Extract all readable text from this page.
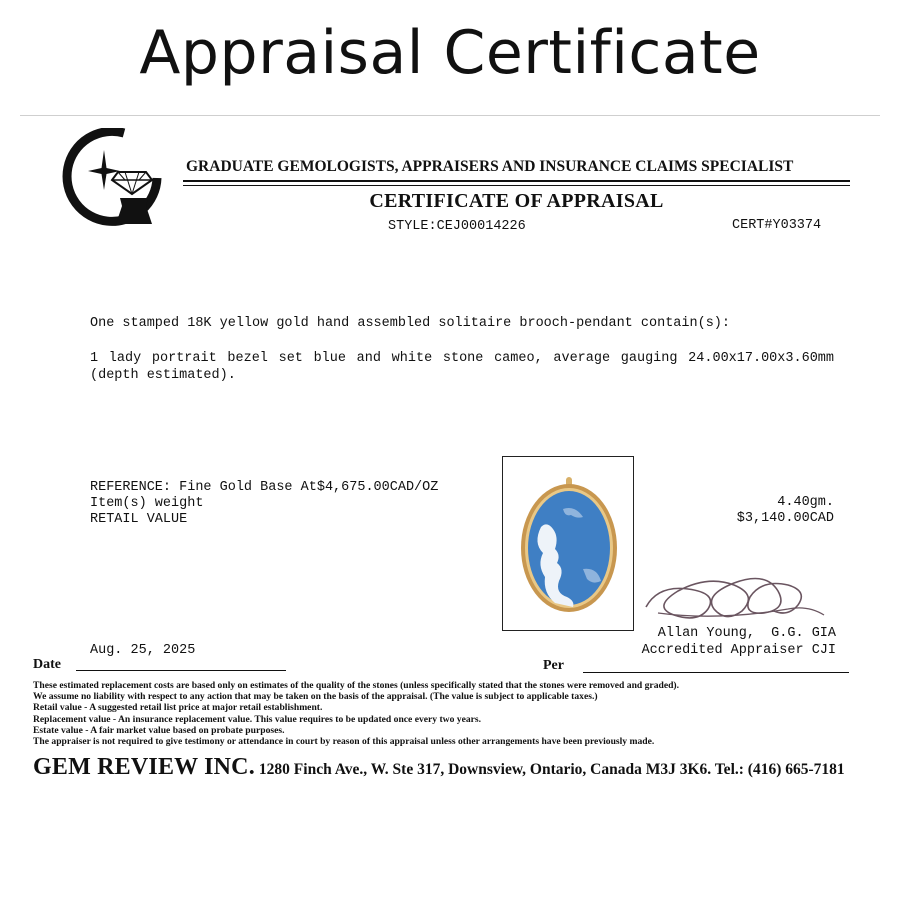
Appraisal Certificate
GRADUATE GEMOLOGISTS, APPRAISERS AND INSURANCE CLAIMS SPECIALIST
CERTIFICATE OF APPRAISAL
STYLE:CEJ00014226	CERT#Y03374
One stamped 18K yellow gold hand assembled solitaire brooch-pendant contain(s):
1 lady portrait bezel set blue and white stone cameo, average gauging 24.00x17.00x3.60mm (depth estimated).
REFERENCE: Fine Gold Base At$4,675.00CAD/OZ
Item(s) weight
RETAIL VALUE
4.40gm.
$3,140.00CAD
Aug. 25, 2025
Allan Young,  G.G. GIA
Accredited Appraiser CJI
Date	Per
These estimated replacement costs are based only on estimates of the quality of the stones (unless specifically stated that the stones were removed and graded).
We assume no liability with respect to any action that may be taken on the basis of the appraisal. (The value is subject to applicable taxes.)
Retail value - A suggested retail list price at major retail establishment.
Replacement value - An insurance replacement value. This value requires to be updated once every two years.
Estate value - A fair market value based on probate purposes.
The appraiser is not required to give testimony or attendance in court by reason of this appraisal unless other arrangements have been previously made.
GEM REVIEW INC. 1280 Finch Ave., W. Ste 317, Downsview, Ontario, Canada M3J 3K6. Tel.: (416) 665-7181
